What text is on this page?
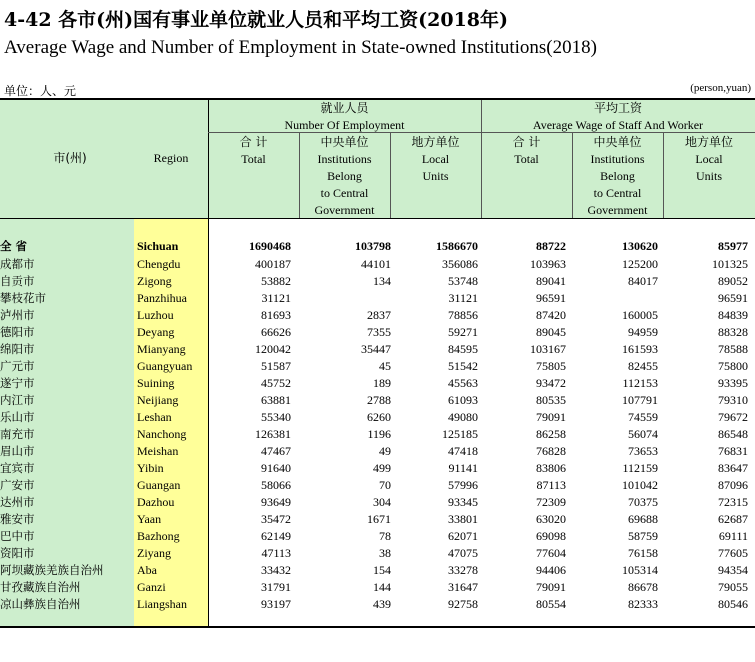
4-42 各市(州)国有事业单位就业人员和平均工资(2018年)
Average Wage and Number of Employment in State-owned Institutions(2018)
单位：人、元	(person,yuan)
市(州)	Region
就业人员
Number Of Employment
平均工资
Average Wage of Staff And Worker
合 计
Total
中央单位
Institutions
Belong
to Central
Government
地方单位
Local
Units
合 计
Total
中央单位
Institutions
Belong
to Central
Government
地方单位
Local
Units
全 省	Sichuan	1690468	103798	1586670	88722	130620	85977
成都市	Chengdu	400187	44101	356086	103963	125200	101325
自贡市	Zigong	53882	134	53748	89041	84017	89052
攀枝花市	Panzhihua	31121		31121	96591		96591
泸州市	Luzhou	81693	2837	78856	87420	160005	84839
德阳市	Deyang	66626	7355	59271	89045	94959	88328
绵阳市	Mianyang	120042	35447	84595	103167	161593	78588
广元市	Guangyuan	51587	45	51542	75805	82455	75800
遂宁市	Suining	45752	189	45563	93472	112153	93395
内江市	Neijiang	63881	2788	61093	80535	107791	79310
乐山市	Leshan	55340	6260	49080	79091	74559	79672
南充市	Nanchong	126381	1196	125185	86258	56074	86548
眉山市	Meishan	47467	49	47418	76828	73653	76831
宜宾市	Yibin	91640	499	91141	83806	112159	83647
广安市	Guangan	58066	70	57996	87113	101042	87096
达州市	Dazhou	93649	304	93345	72309	70375	72315
雅安市	Yaan	35472	1671	33801	63020	69688	62687
巴中市	Bazhong	62149	78	62071	69098	58759	69111
资阳市	Ziyang	47113	38	47075	77604	76158	77605
阿坝藏族羌族自治州	Aba	33432	154	33278	94406	105314	94354
甘孜藏族自治州	Ganzi	31791	144	31647	79091	86678	79055
凉山彝族自治州	Liangshan	93197	439	92758	80554	82333	80546
